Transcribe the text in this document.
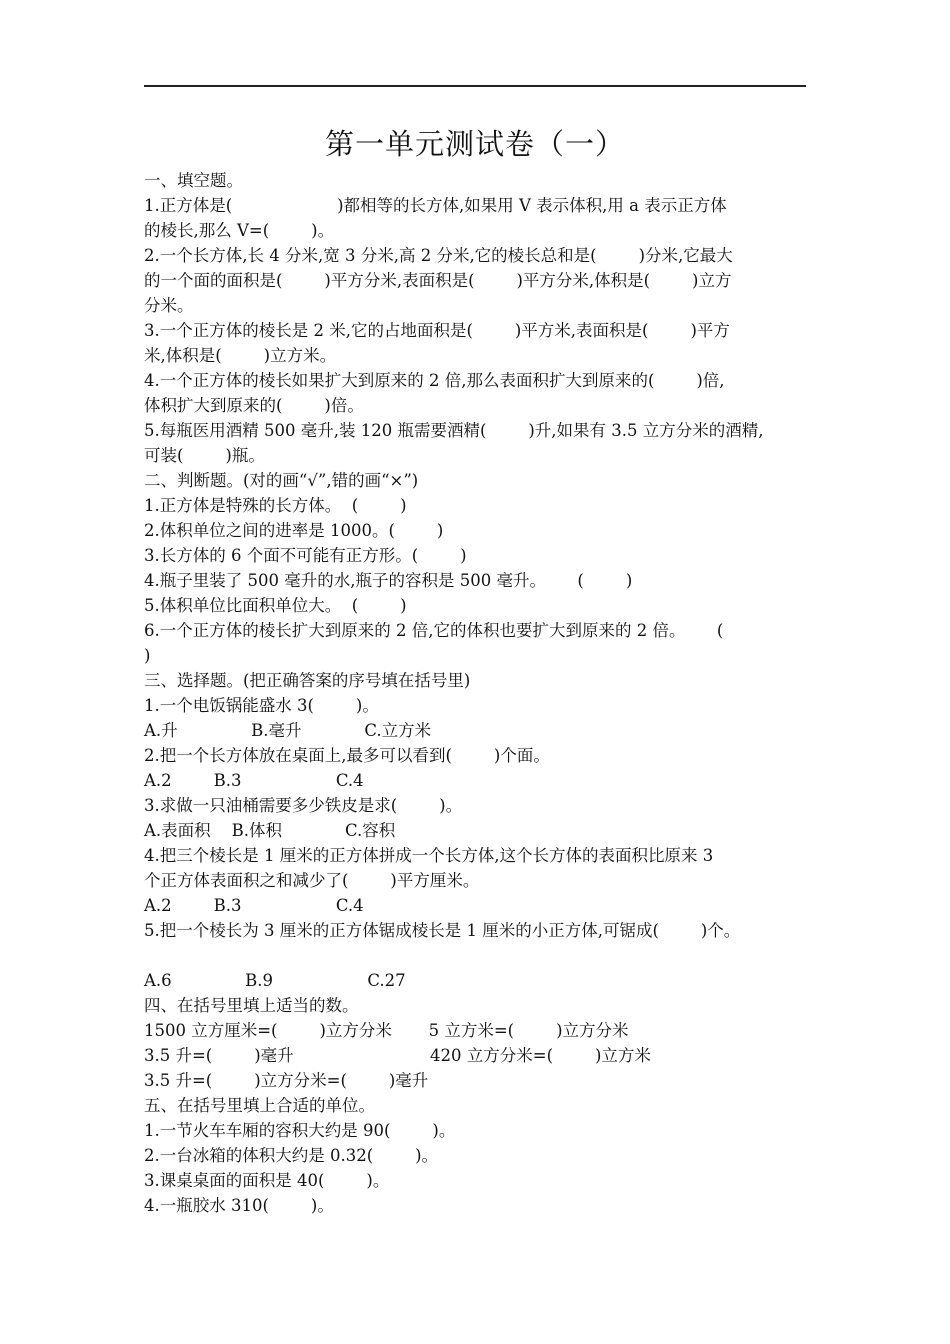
第一单元测试卷（一）
一、填空题。
1.正方体是(                    )都相等的长方体,如果用 V 表示体积,用 a 表示正方体
的棱长,那么 V=(        )。
2.一个长方体,长 4 分米,宽 3 分米,高 2 分米,它的棱长总和是(        )分米,它最大
的一个面的面积是(        )平方分米,表面积是(        )平方分米,体积是(        )立方
分米。
3.一个正方体的棱长是 2 米,它的占地面积是(        )平方米,表面积是(        )平方
米,体积是(        )立方米。
4.一个正方体的棱长如果扩大到原来的 2 倍,那么表面积扩大到原来的(        )倍,
体积扩大到原来的(        )倍。
5.每瓶医用酒精 500 毫升,装 120 瓶需要酒精(        )升,如果有 3.5 立方分米的酒精,
可装(        )瓶。
二、判断题。(对的画“√”,错的画“×”)
1.正方体是特殊的长方体。  (        )
2.体积单位之间的进率是 1000。(        )
3.长方体的 6 个面不可能有正方形。(        )
4.瓶子里装了 500 毫升的水,瓶子的容积是 500 毫升。      (        )
5.体积单位比面积单位大。  (        )
6.一个正方体的棱长扩大到原来的 2 倍,它的体积也要扩大到原来的 2 倍。      (
)
三、选择题。(把正确答案的序号填在括号里)
1.一个电饭锅能盛水 3(        )。
A.升              B.毫升            C.立方米
2.把一个长方体放在桌面上,最多可以看到(        )个面。
A.2        B.3                  C.4
3.求做一只油桶需要多少铁皮是求(        )。
A.表面积    B.体积            C.容积
4.把三个棱长是 1 厘米的正方体拼成一个长方体,这个长方体的表面积比原来 3
个正方体表面积之和减少了(        )平方厘米。
A.2        B.3                  C.4
5.把一个棱长为 3 厘米的正方体锯成棱长是 1 厘米的小正方体,可锯成(        )个。
A.6              B.9                  C.27
四、在括号里填上适当的数。
1500 立方厘米=(        )立方分米       5 立方米=(        )立方分米
3.5 升=(        )毫升                          420 立方分米=(        )立方米
3.5 升=(        )立方分米=(        )毫升
五、在括号里填上合适的单位。
1.一节火车车厢的容积大约是 90(        )。
2.一台冰箱的体积大约是 0.32(        )。
3.课桌桌面的面积是 40(        )。
4.一瓶胶水 310(        )。
